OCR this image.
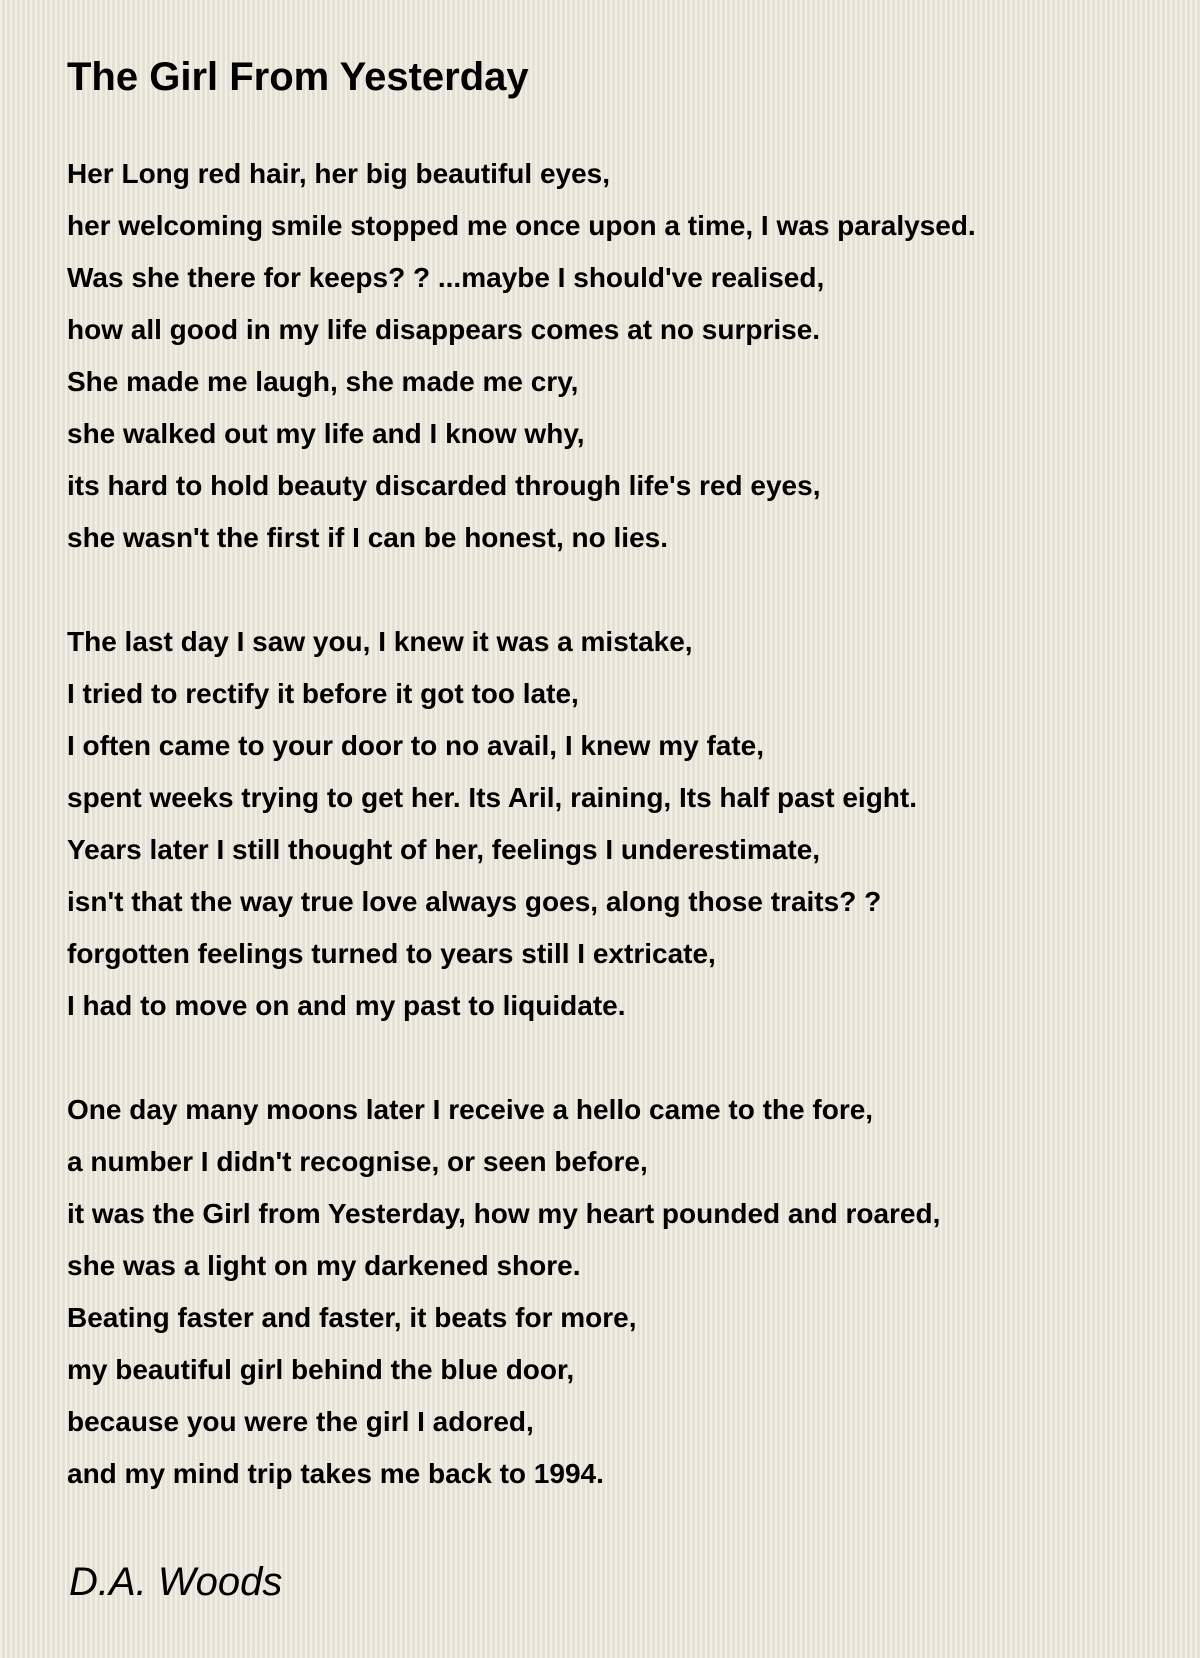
The Girl From Yesterday
Her Long red hair, her big beautiful eyes,
her welcoming smile stopped me once upon a time, I was paralysed.
Was she there for keeps? ? ...maybe I should've realised,
how all good in my life disappears comes at no surprise.
She made me laugh, she made me cry,
she walked out my life and I know why,
its hard to hold beauty discarded through life's red eyes,
she wasn't the first if I can be honest, no lies.
The last day I saw you, I knew it was a mistake,
I tried to rectify it before it got too late,
I often came to your door to no avail, I knew my fate,
spent weeks trying to get her. Its Aril, raining, Its half past eight.
Years later I still thought of her, feelings I underestimate,
isn't that the way true love always goes, along those traits? ?
forgotten feelings turned to years still I extricate,
I had to move on and my past to liquidate.
One day many moons later I receive a hello came to the fore,
a number I didn't recognise, or seen before,
it was the Girl from Yesterday, how my heart pounded and roared,
she was a light on my darkened shore.
Beating faster and faster, it beats for more,
my beautiful girl behind the blue door,
because you were the girl I adored,
and my mind trip takes me back to 1994.
D.A. Woods
